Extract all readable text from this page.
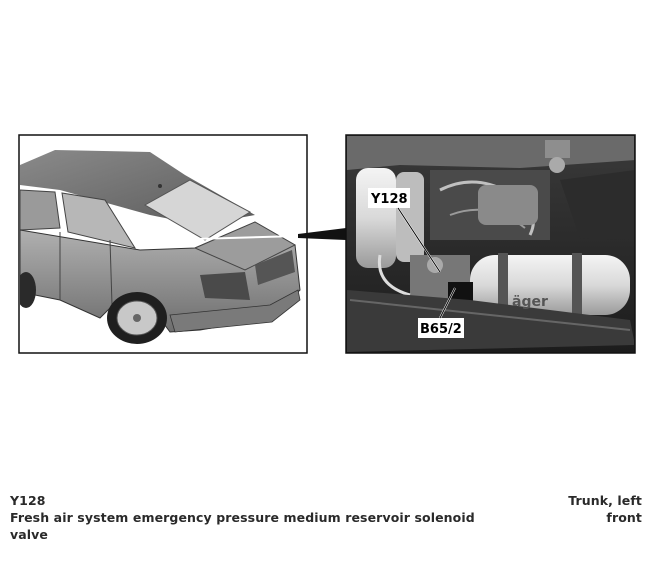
äger
Y128
B65/2
Y128
Fresh air system emergency pressure medium reservoir solenoid
valve
Trunk, left
front
